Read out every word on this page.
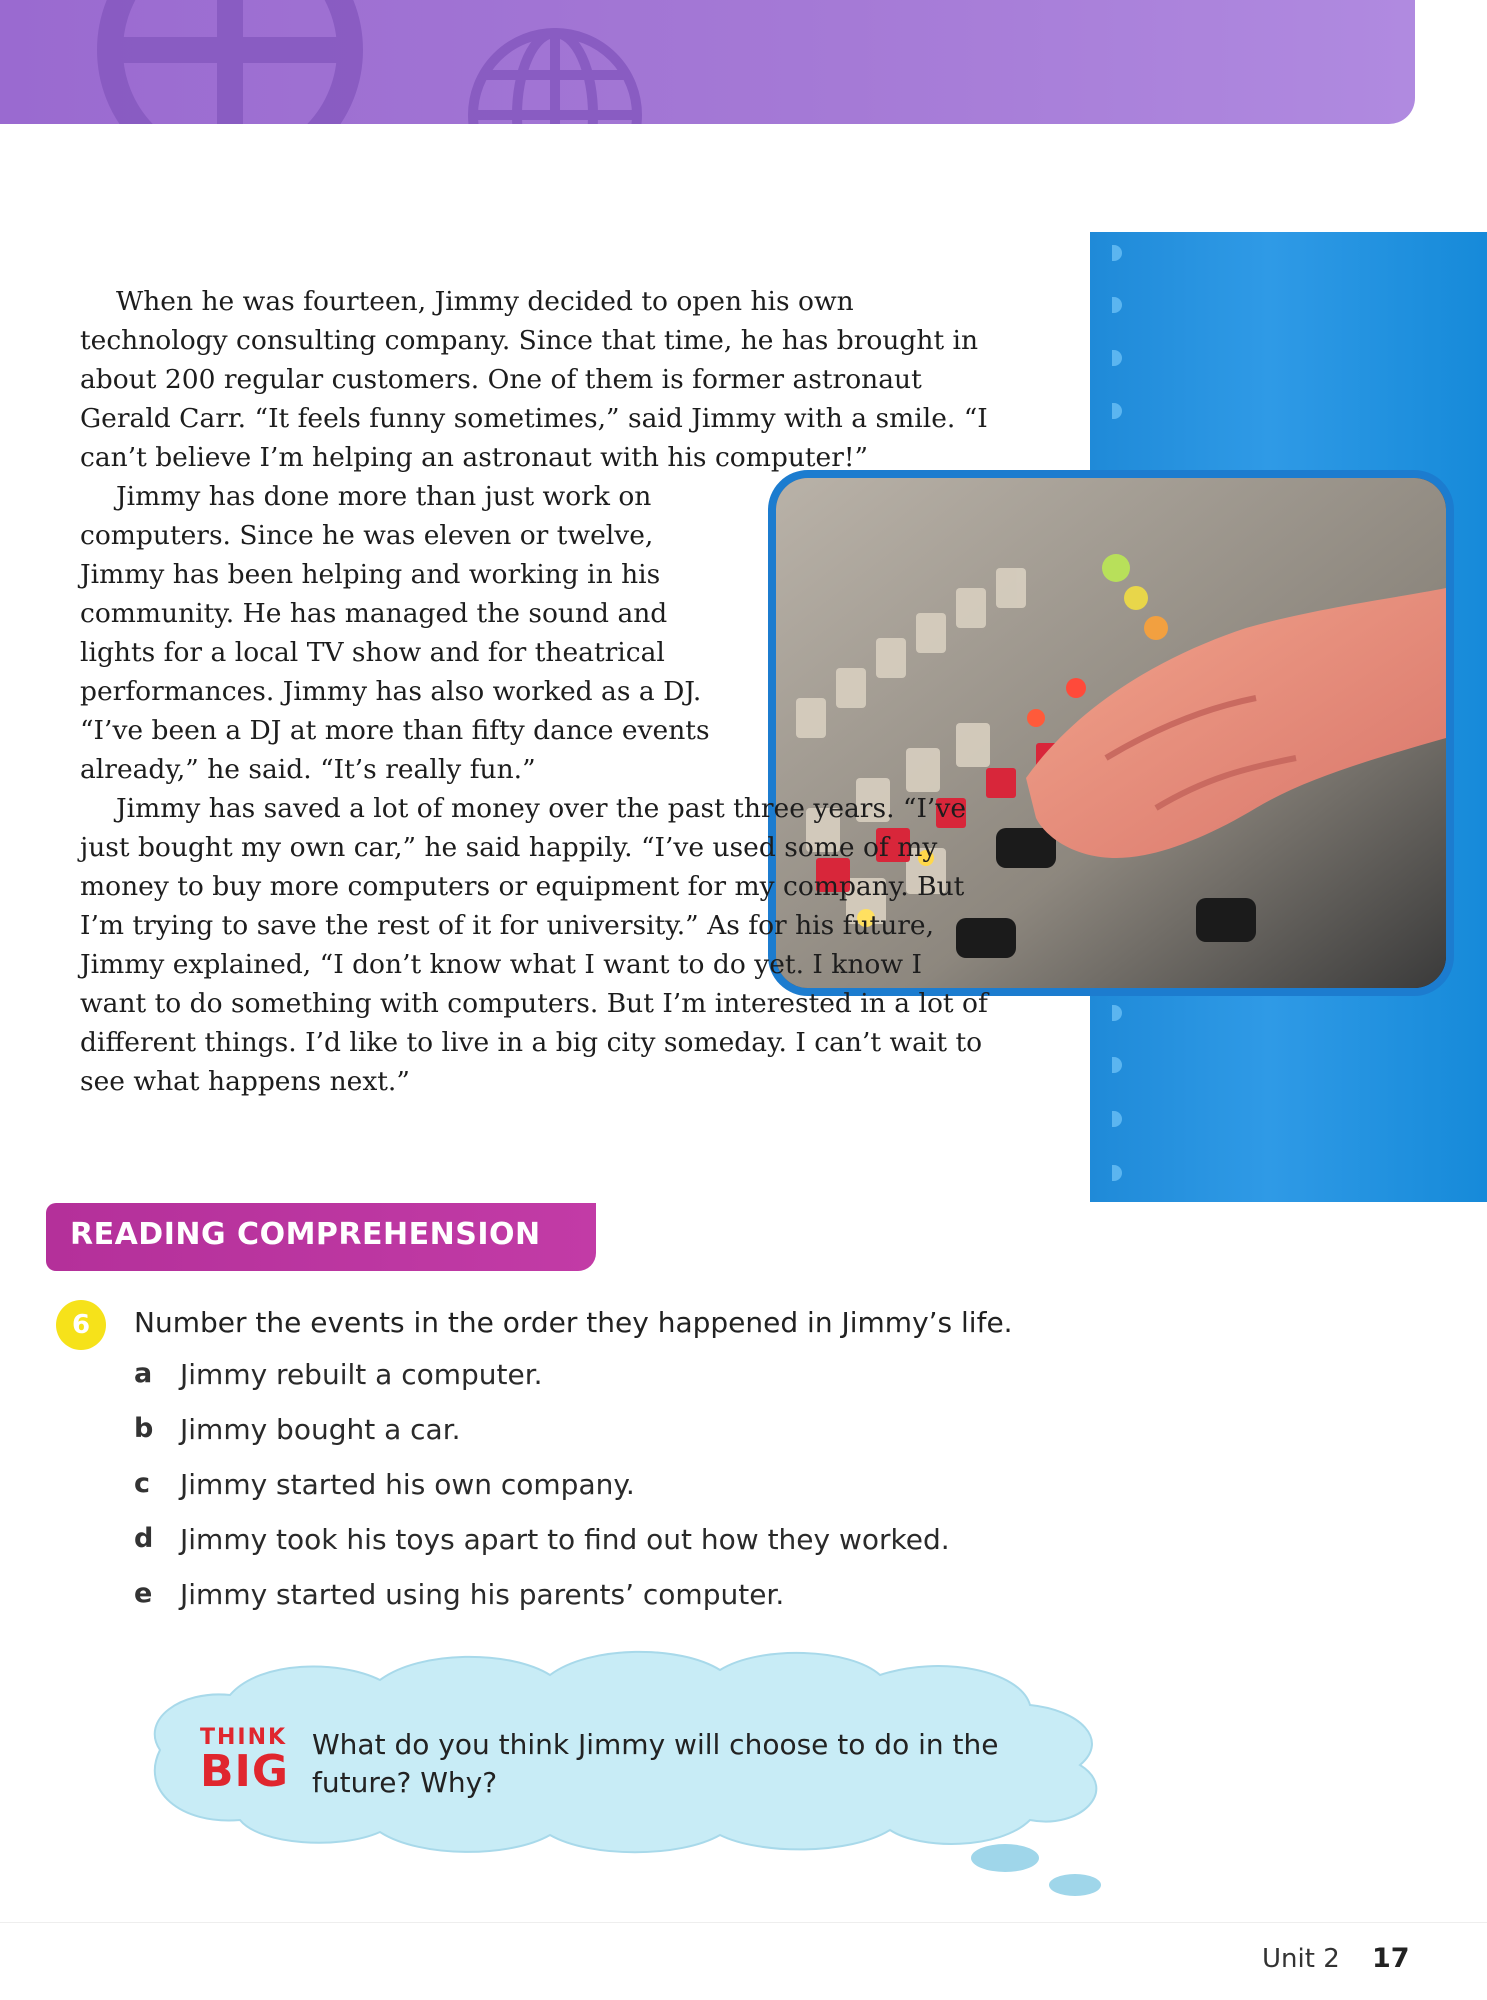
When he was fourteen, Jimmy decided to open his own technology consulting company. Since that time, he has brought in about 200 regular customers. One of them is former astronaut Gerald Carr. “It feels funny sometimes,” said Jimmy with a smile. “I can’t believe I’m helping an astronaut with his computer!”

Jimmy has done more than just work on computers. Since he was eleven or twelve, Jimmy has been helping and working in his community. He has managed the sound and lights for a local TV show and for theatrical performances. Jimmy has also worked as a DJ. “I’ve been a DJ at more than fifty dance events already,” he said. “It’s really fun.”

Jimmy has saved a lot of money over the past three years. “I’ve just bought my own car,” he said happily. “I’ve used some of my money to buy more computers or equipment for my company. But I’m trying to save the rest of it for university.” As for his future, Jimmy explained, “I don’t know what I want to do yet. I know I want to do something with computers. But I’m interested in a lot of different things. I’d like to live in a big city someday. I can’t wait to see what happens next.”

READING COMPREHENSION
6	Number the events in the order they happened in Jimmy’s life.
a Jimmy rebuilt a computer.
b Jimmy bought a car.
c	Jimmy started his own company.
d Jimmy took his toys apart to find out how they worked.
e Jimmy started using his parents’ computer.
THINK
BIG
What do you think Jimmy will choose to do in the future? Why?
Unit 2 17
